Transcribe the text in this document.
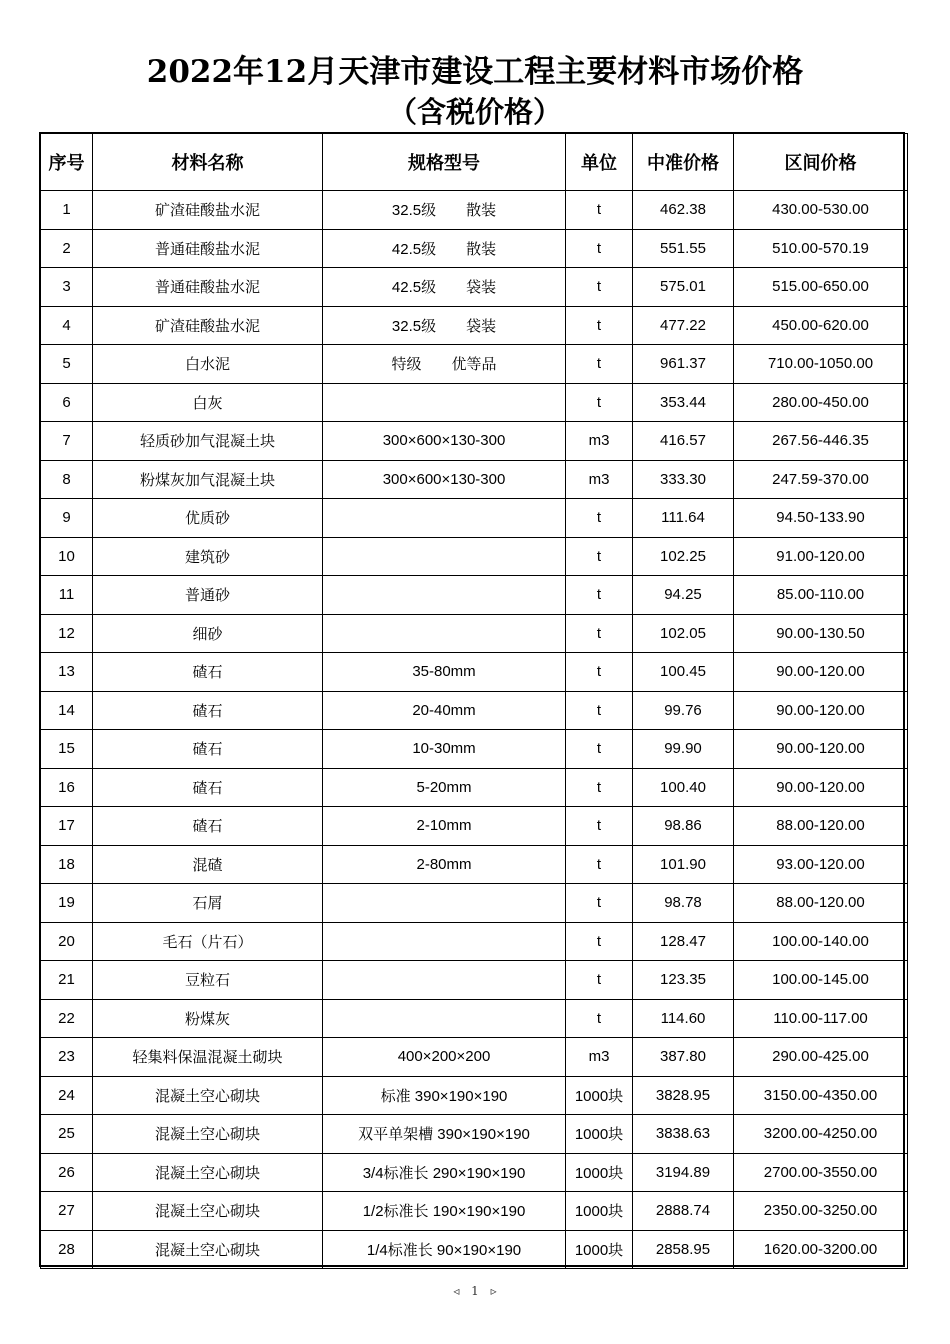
2022年12月天津市建设工程主要材料市场价格
（含税价格）
序号	材料名称	规格型号	单位	中准价格	区间价格
1	矿渣硅酸盐水泥	32.5级 散装	t	462.38	430.00-530.00
2	普通硅酸盐水泥	42.5级 散装	t	551.55	510.00-570.19
3	普通硅酸盐水泥	42.5级 袋装	t	575.01	515.00-650.00
4	矿渣硅酸盐水泥	32.5级 袋装	t	477.22	450.00-620.00
5	白水泥	特级 优等品	t	961.37	710.00-1050.00
6	白灰		t	353.44	280.00-450.00
7	轻质砂加气混凝土块	300×600×130-300	m3	416.57	267.56-446.35
8	粉煤灰加气混凝土块	300×600×130-300	m3	333.30	247.59-370.00
9	优质砂		t	111.64	94.50-133.90
10	建筑砂		t	102.25	91.00-120.00
11	普通砂		t	94.25	85.00-110.00
12	细砂		t	102.05	90.00-130.50
13	碴石	35-80mm	t	100.45	90.00-120.00
14	碴石	20-40mm	t	99.76	90.00-120.00
15	碴石	10-30mm	t	99.90	90.00-120.00
16	碴石	5-20mm	t	100.40	90.00-120.00
17	碴石	2-10mm	t	98.86	88.00-120.00
18	混碴	2-80mm	t	101.90	93.00-120.00
19	石屑		t	98.78	88.00-120.00
20	毛石（片石）		t	128.47	100.00-140.00
21	豆粒石		t	123.35	100.00-145.00
22	粉煤灰		t	114.60	110.00-117.00
23	轻集料保温混凝土砌块	400×200×200	m3	387.80	290.00-425.00
24	混凝土空心砌块	标准 390×190×190	1000块	3828.95	3150.00-4350.00
25	混凝土空心砌块	双平单架槽 390×190×190	1000块	3838.63	3200.00-4250.00
26	混凝土空心砌块	3/4标准长 290×190×190	1000块	3194.89	2700.00-3550.00
27	混凝土空心砌块	1/2标准长 190×190×190	1000块	2888.74	2350.00-3250.00
28	混凝土空心砌块	1/4标准长 90×190×190	1000块	2858.95	1620.00-3200.00
◃ 1 ▹
